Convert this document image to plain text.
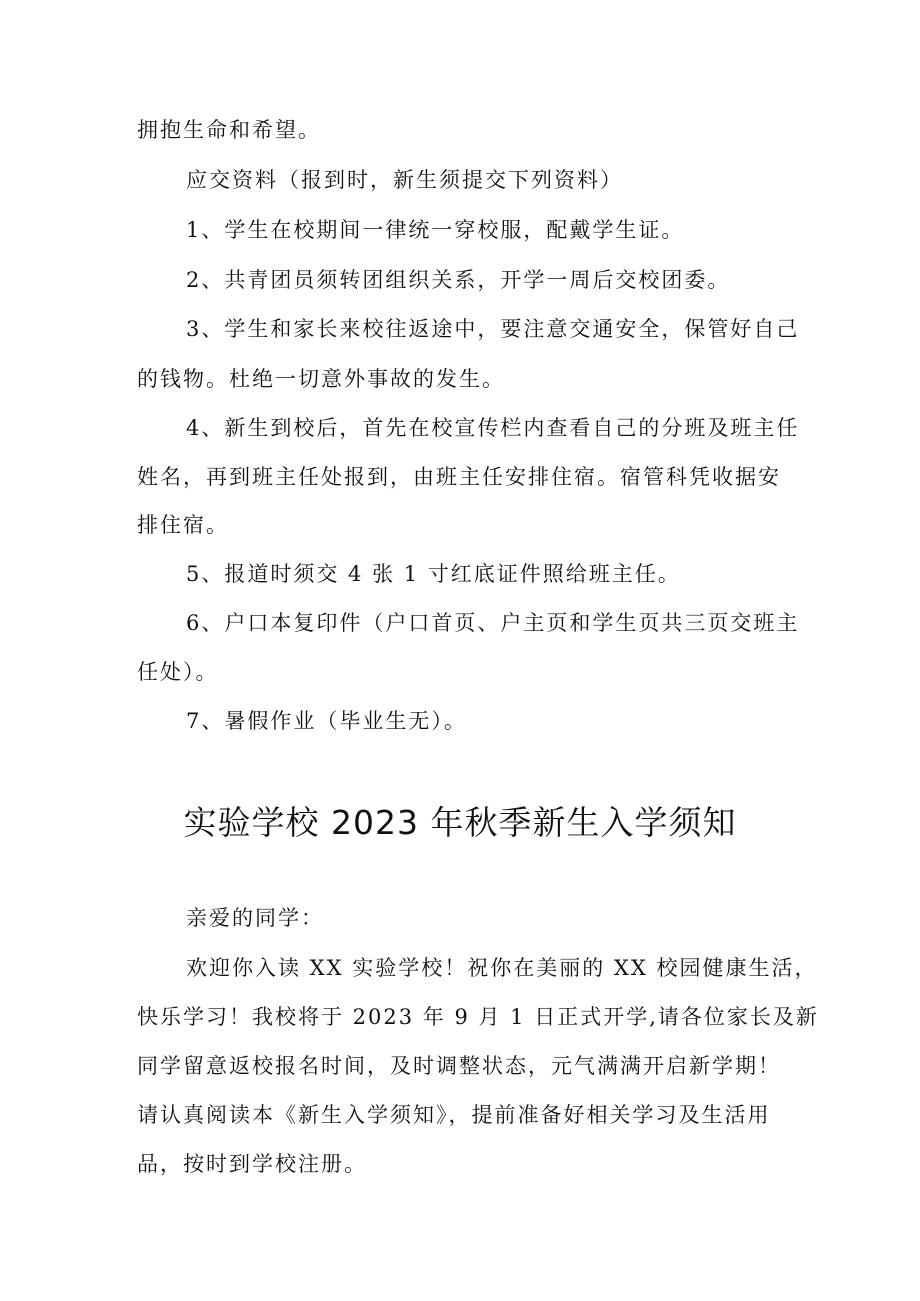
拥抱生命和希望。
应交资料（报到时，新生须提交下列资料）
1、学生在校期间一律统一穿校服，配戴学生证。
2、共青团员须转团组织关系，开学一周后交校团委。
3、学生和家长来校往返途中，要注意交通安全，保管好自己
的钱物。杜绝一切意外事故的发生。
4、新生到校后，首先在校宣传栏内查看自己的分班及班主任
姓名，再到班主任处报到，由班主任安排住宿。宿管科凭收据安
排住宿。
5、报道时须交 4 张 1 寸红底证件照给班主任。
6、户口本复印件（户口首页、户主页和学生页共三页交班主
任处）。
7、暑假作业（毕业生无）。
实验学校 2023 年秋季新生入学须知
亲爱的同学：
欢迎你入读 XX 实验学校！祝你在美丽的 XX 校园健康生活，
快乐学习！我校将于 2023 年 9 月 1 日正式开学,请各位家长及新
同学留意返校报名时间，及时调整状态，元气满满开启新学期！
请认真阅读本《新生入学须知》，提前准备好相关学习及生活用
品，按时到学校注册。
